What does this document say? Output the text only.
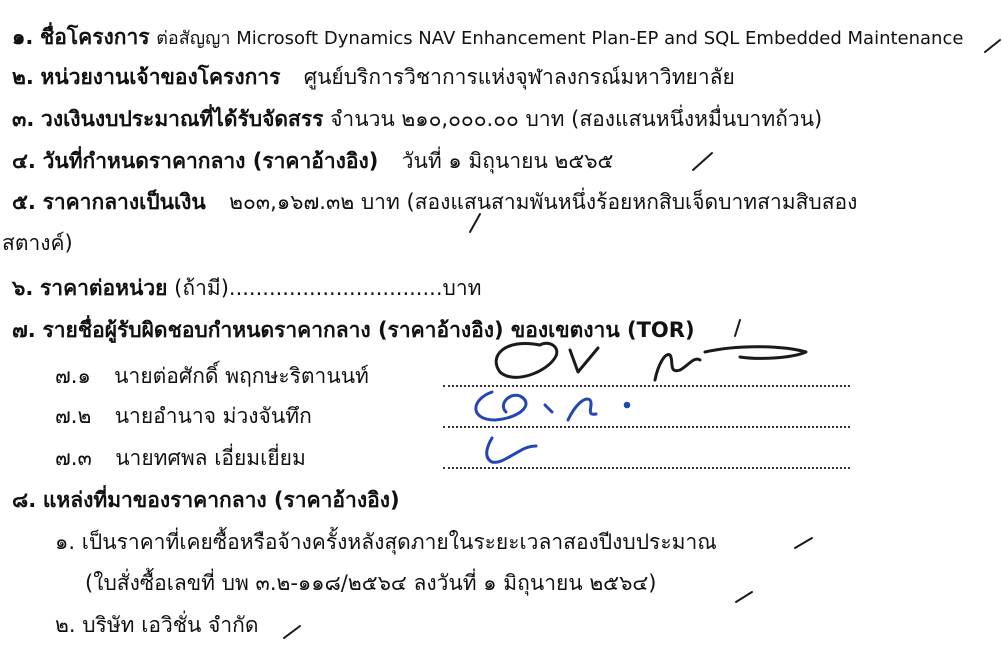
๑. ชื่อโครงการ ต่อสัญญา Microsoft Dynamics NAV Enhancement Plan-EP and SQL Embedded Maintenance
๒. หน่วยงานเจ้าของโครงการ ศูนย์บริการวิชาการแห่งจุฬาลงกรณ์มหาวิทยาลัย
๓. วงเงินงบประมาณที่ได้รับจัดสรร จำนวน ๒๑๐,๐๐๐.๐๐ บาท (สองแสนหนึ่งหมื่นบาทถ้วน)
๔. วันที่กำหนดราคากลาง (ราคาอ้างอิง) วันที่ ๑ มิถุนายน ๒๕๖๕
๕. ราคากลางเป็นเงิน ๒๐๓,๑๖๗.๓๒ บาท (สองแสนสามพันหนึ่งร้อยหกสิบเจ็ดบาทสามสิบสอง
สตางค์)
๖. ราคาต่อหน่วย (ถ้ามี)................................บาท
๗. รายชื่อผู้รับผิดชอบกำหนดราคากลาง (ราคาอ้างอิง) ของเขตงาน (TOR)
๗.๑ นายต่อศักดิ์ พฤกษะริตานนท์
๗.๒ นายอำนาจ ม่วงจันทึก
๗.๓ นายทศพล เอี่ยมเยี่ยม
๘. แหล่งที่มาของราคากลาง (ราคาอ้างอิง)
๑. เป็นราคาที่เคยซื้อหรือจ้างครั้งหลังสุดภายในระยะเวลาสองปีงบประมาณ
(ใบสั่งซื้อเลขที่ บพ ๓.๒-๑๑๘/๒๕๖๔ ลงวันที่ ๑ มิถุนายน ๒๕๖๔)
๒. บริษัท เอวิชั่น จำกัด
